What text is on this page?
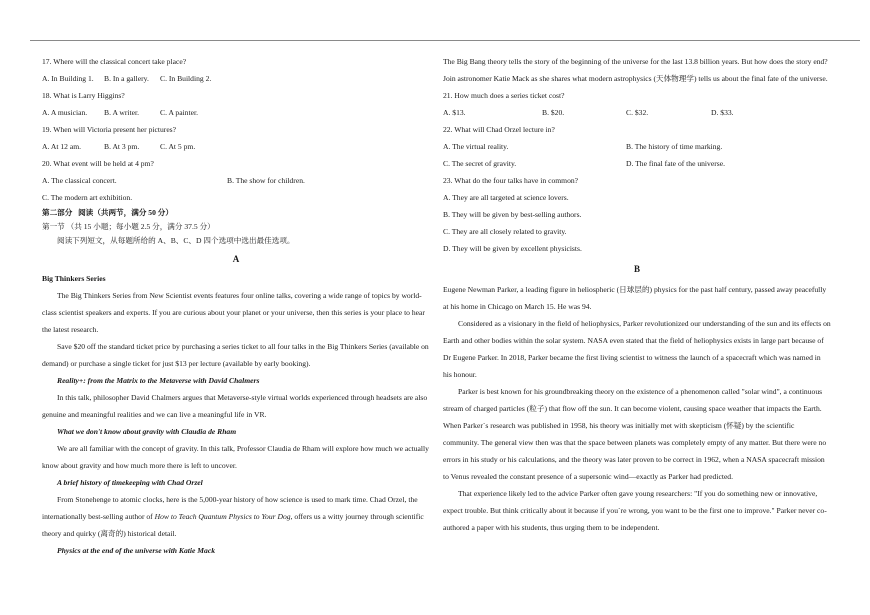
17. Where will the classical concert take place?

A. In Building 1.	B. In a gallery.	C. In Building 2.

18. What is Larry Higgins?

A. A musician.	B. A writer.	C. A painter.

19. When will Victoria present her pictures?

A. At 12 am.	B. At 3 pm.	C. At 5 pm.

20. What event will be held at 4 pm?

A. The classical concert.	B. The show for children.
C. The modern art exhibition.

第二部分   阅读（共两节，满分 50 分）

第一节 （共 15 小题；每小题 2.5 分，满分 37.5 分）

阅读下列短文，从每题所给的 A、B、C、D 四个选项中选出最佳选项。

A

Big Thinkers Series

The Big Thinkers Series from New Scientist events features four online talks, covering a wide range of topics by world-class scientist speakers and experts. If you are curious about your planet or your universe, then this series is your place to hear the latest research.

Save $20 off the standard ticket price by purchasing a series ticket to all four talks in the Big Thinkers Series (available on demand) or purchase a single ticket for just $13 per lecture (available by early booking).

Reality+: from the Matrix to the Metaverse with David Chalmers

In this talk, philosopher David Chalmers argues that Metaverse-style virtual worlds experienced through headsets are also genuine and meaningful realities and we can live a meaningful life in VR.

What we don't know about gravity with Claudia de Rham

We are all familiar with the concept of gravity. In this talk, Professor Claudia de Rham will explore how much we actually know about gravity and how much more there is left to uncover.

A brief history of timekeeping with Chad Orzel

From Stonehenge to atomic clocks, here is the 5,000-year history of how science is used to mark time. Chad Orzel, the internationally best-selling author of How to Teach Quantum Physics to Your Dog, offers us a witty journey through scientific theory and quirky (离奇的) historical detail.

Physics at the end of the universe with Katie Mack

The Big Bang theory tells the story of the beginning of the universe for the last 13.8 billion years. But how does the story end? Join astronomer Katie Mack as she shares what modern astrophysics (天体物理学) tells us about the final fate of the universe.

21. How much does a series ticket cost?

A. $13.	B. $20.	C. $32.	D. $33.

22. What will Chad Orzel lecture in?

A. The virtual reality.	B. The history of time marking.
C. The secret of gravity.	D. The final fate of the universe.

23. What do the four talks have in common?

A. They are all targeted at science lovers.

B. They will be given by best-selling authors.

C. They are all closely related to gravity.

D. They will be given by excellent physicists.

B

Eugene Newman Parker, a leading figure in heliospheric (日球层的) physics for the past half century, passed away peacefully at his home in Chicago on March 15. He was 94.

Considered as a visionary in the field of heliophysics, Parker revolutionized our understanding of the sun and its effects on Earth and other bodies within the solar system. NASA even stated that the field of heliophysics exists in large part because of Dr Eugene Parker. In 2018, Parker became the first living scientist to witness the launch of a spacecraft which was named in his honour.

Parker is best known for his groundbreaking theory on the existence of a phenomenon called "solar wind", a continuous stream of charged particles (粒子) that flow off the sun. It can become violent, causing space weather that impacts the Earth. When Parker`s research was published in 1958, his theory was initially met with skepticism (怀疑) by the scientific community. The general view then was that the space between planets was completely empty of any matter. But there were no errors in his study or his calculations, and the theory was later proven to be correct in 1962, when a NASA spacecraft mission to Venus revealed the constant presence of a supersonic wind—exactly as Parker had predicted.

That experience likely led to the advice Parker often gave young researchers: "If you do something new or innovative, expect trouble. But think critically about it because if you`re wrong, you want to be the first one to improve." Parker never co-authored a paper with his students, thus urging them to be independent.
